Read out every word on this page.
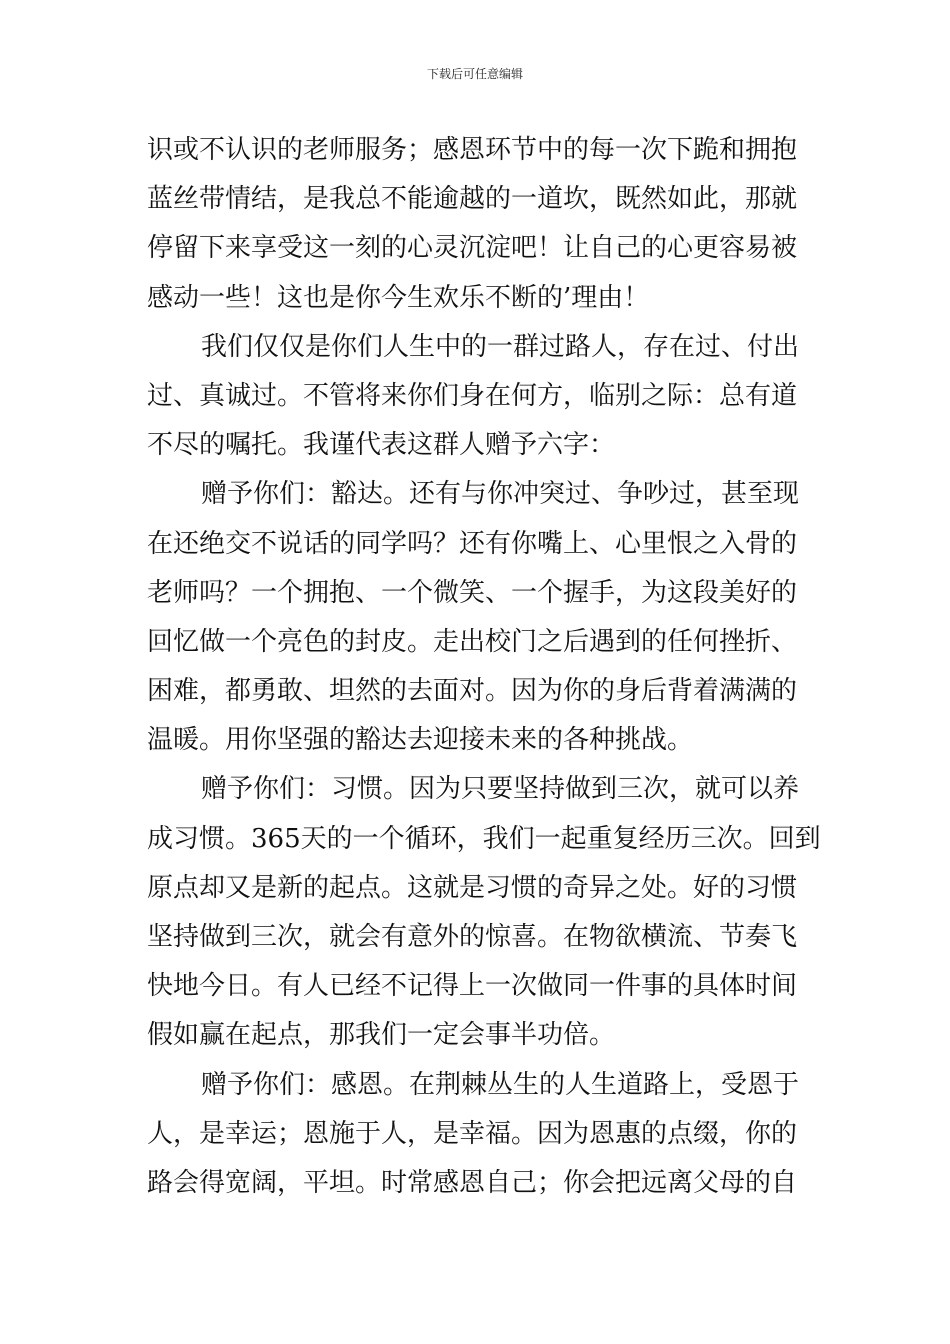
下载后可任意编辑
识或不认识的老师服务；感恩环节中的每一次下跪和拥抱
蓝丝带情结，是我总不能逾越的一道坎，既然如此，那就
停留下来享受这一刻的心灵沉淀吧！让自己的心更容易被
感动一些！这也是你今生欢乐不断的’理由！
我们仅仅是你们人生中的一群过路人，存在过、付出
过、真诚过。不管将来你们身在何方，临别之际：总有道
不尽的嘱托。我谨代表这群人赠予六字：
赠予你们：豁达。还有与你冲突过、争吵过，甚至现
在还绝交不说话的同学吗？还有你嘴上、心里恨之入骨的
老师吗？一个拥抱、一个微笑、一个握手，为这段美好的
回忆做一个亮色的封皮。走出校门之后遇到的任何挫折、
困难，都勇敢、坦然的去面对。因为你的身后背着满满的
温暖。用你坚强的豁达去迎接未来的各种挑战。
赠予你们：习惯。因为只要坚持做到三次，就可以养
成习惯。365天的一个循环，我们一起重复经历三次。回到
原点却又是新的起点。这就是习惯的奇异之处。好的习惯
坚持做到三次，就会有意外的惊喜。在物欲横流、节奏飞
快地今日。有人已经不记得上一次做同一件事的具体时间
假如赢在起点，那我们一定会事半功倍。
赠予你们：感恩。在荆棘丛生的人生道路上，受恩于
人，是幸运；恩施于人，是幸福。因为恩惠的点缀，你的
路会得宽阔，平坦。时常感恩自己；你会把远离父母的自
